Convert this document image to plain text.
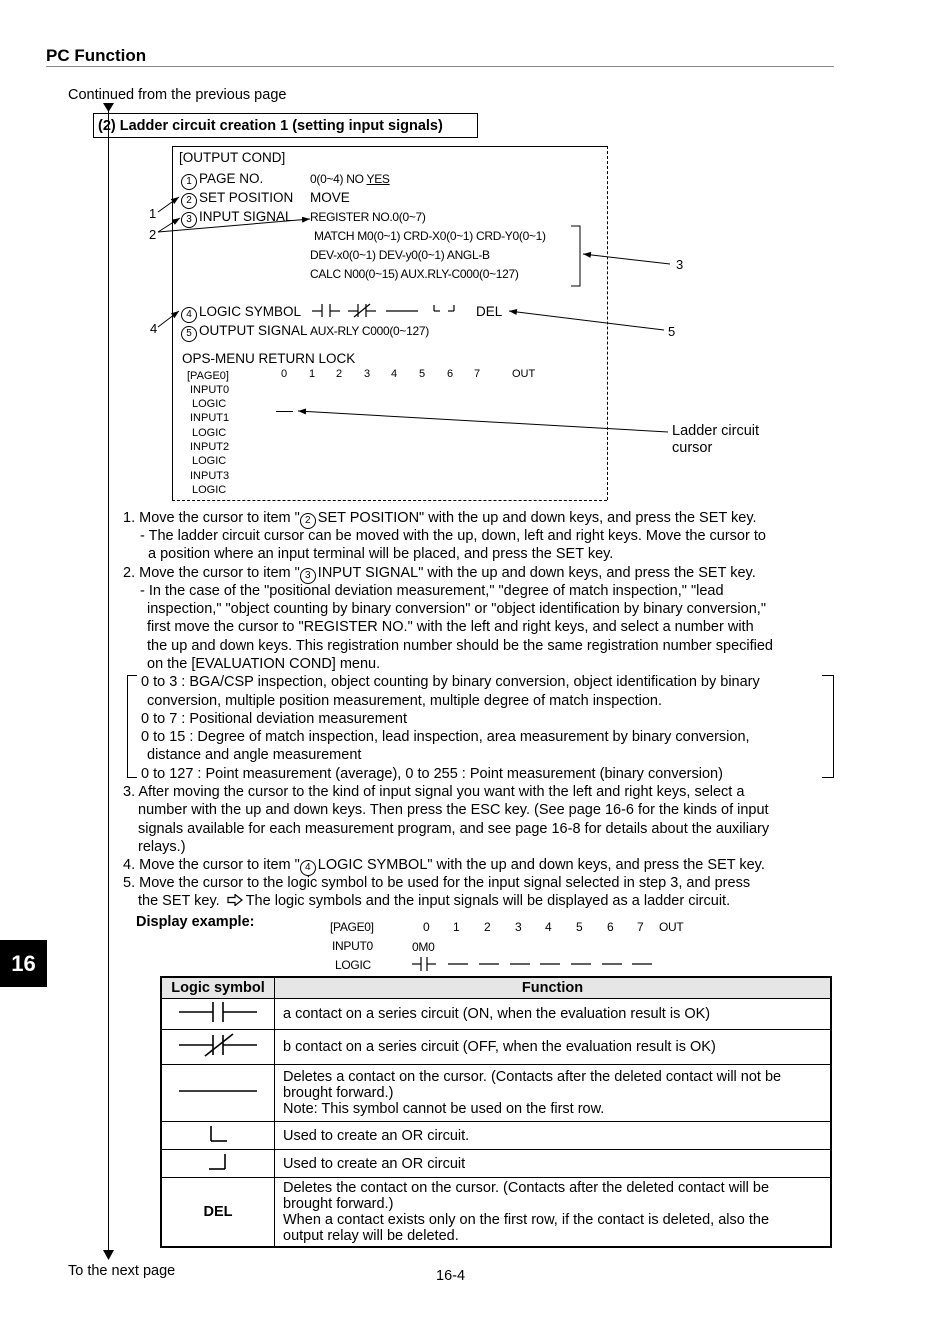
PC Function
Continued from the previous page
(2) Ladder circuit creation 1 (setting input signals)
[OUTPUT COND]
1 PAGE NO.	0(0~4) NO YES
2 SET POSITION MOVE
3 INPUT SIGNAL REGISTER NO.0(0~7)
MATCH M0(0~1) CRD-X0(0~1) CRD-Y0(0~1)
DEV-x0(0~1) DEV-y0(0~1) ANGL-B
CALC N00(0~15) AUX.RLY-C000(0~127)
4 LOGIC SYMBOL	DEL
5 OUTPUT SIGNAL AUX-RLY C000(0~127)
OPS-MENU RETURN LOCK
[PAGE0]	0 1 2 3 4 5 6 7	OUT
INPUT0
LOGIC
INPUT1
LOGIC
INPUT2
LOGIC
INPUT3
LOGIC
1
2
4
3
5
Ladder circuit
cursor
1. Move the cursor to item " 2 SET POSITION" with the up and down keys, and press the SET key.
- The ladder circuit cursor can be moved with the up, down, left and right keys. Move the cursor to
a position where an input terminal will be placed, and press the SET key.
2. Move the cursor to item " 3 INPUT SIGNAL" with the up and down keys, and press the SET key.
- In the case of the "positional deviation measurement," "degree of match inspection," "lead
inspection," "object counting by binary conversion" or "object identification by binary conversion,"
first move the cursor to "REGISTER NO." with the left and right keys, and select a number with
the up and down keys. This registration number should be the same registration number specified
on the [EVALUATION COND] menu.
0 to 3 : BGA/CSP inspection, object counting by binary conversion, object identification by binary
conversion, multiple position measurement, multiple degree of match inspection.
0 to 7 : Positional deviation measurement
0 to 15 : Degree of match inspection, lead inspection, area measurement by binary conversion,
distance and angle measurement
0 to 127 : Point measurement (average), 0 to 255 : Point measurement (binary conversion)
3. After moving the cursor to the kind of input signal you want with the left and right keys, select a
number with the up and down keys. Then press the ESC key. (See page 16-6 for the kinds of input
signals available for each measurement program, and see page 16-8 for details about the auxiliary
relays.)
4. Move the cursor to item " 4 LOGIC SYMBOL" with the up and down keys, and press the SET key.
5. Move the cursor to the logic symbol to be used for the input signal selected in step 3, and press
the SET key. The logic symbols and the input signals will be displayed as a ladder circuit.
Display example:	[PAGE0]	0 1 2 3 4 5 6 7 OUT
INPUT0	0M0
LOGIC
16
Logic symbol	Function
	a contact on a series circuit (ON, when the evaluation result is OK)
	b contact on a series circuit (OFF, when the evaluation result is OK)

Deletes a contact on the cursor. (Contacts after the deleted contact will not be
brought forward.)
Note: This symbol cannot be used on the first row.

	Used to create an OR circuit.
	Used to create an OR circuit
DEL	Deletes the contact on the cursor. (Contacts after the deleted contact will be
brought forward.)
When a contact exists only on the first row, if the contact is deleted, also the
output relay will be deleted.
To the next page	16-4
